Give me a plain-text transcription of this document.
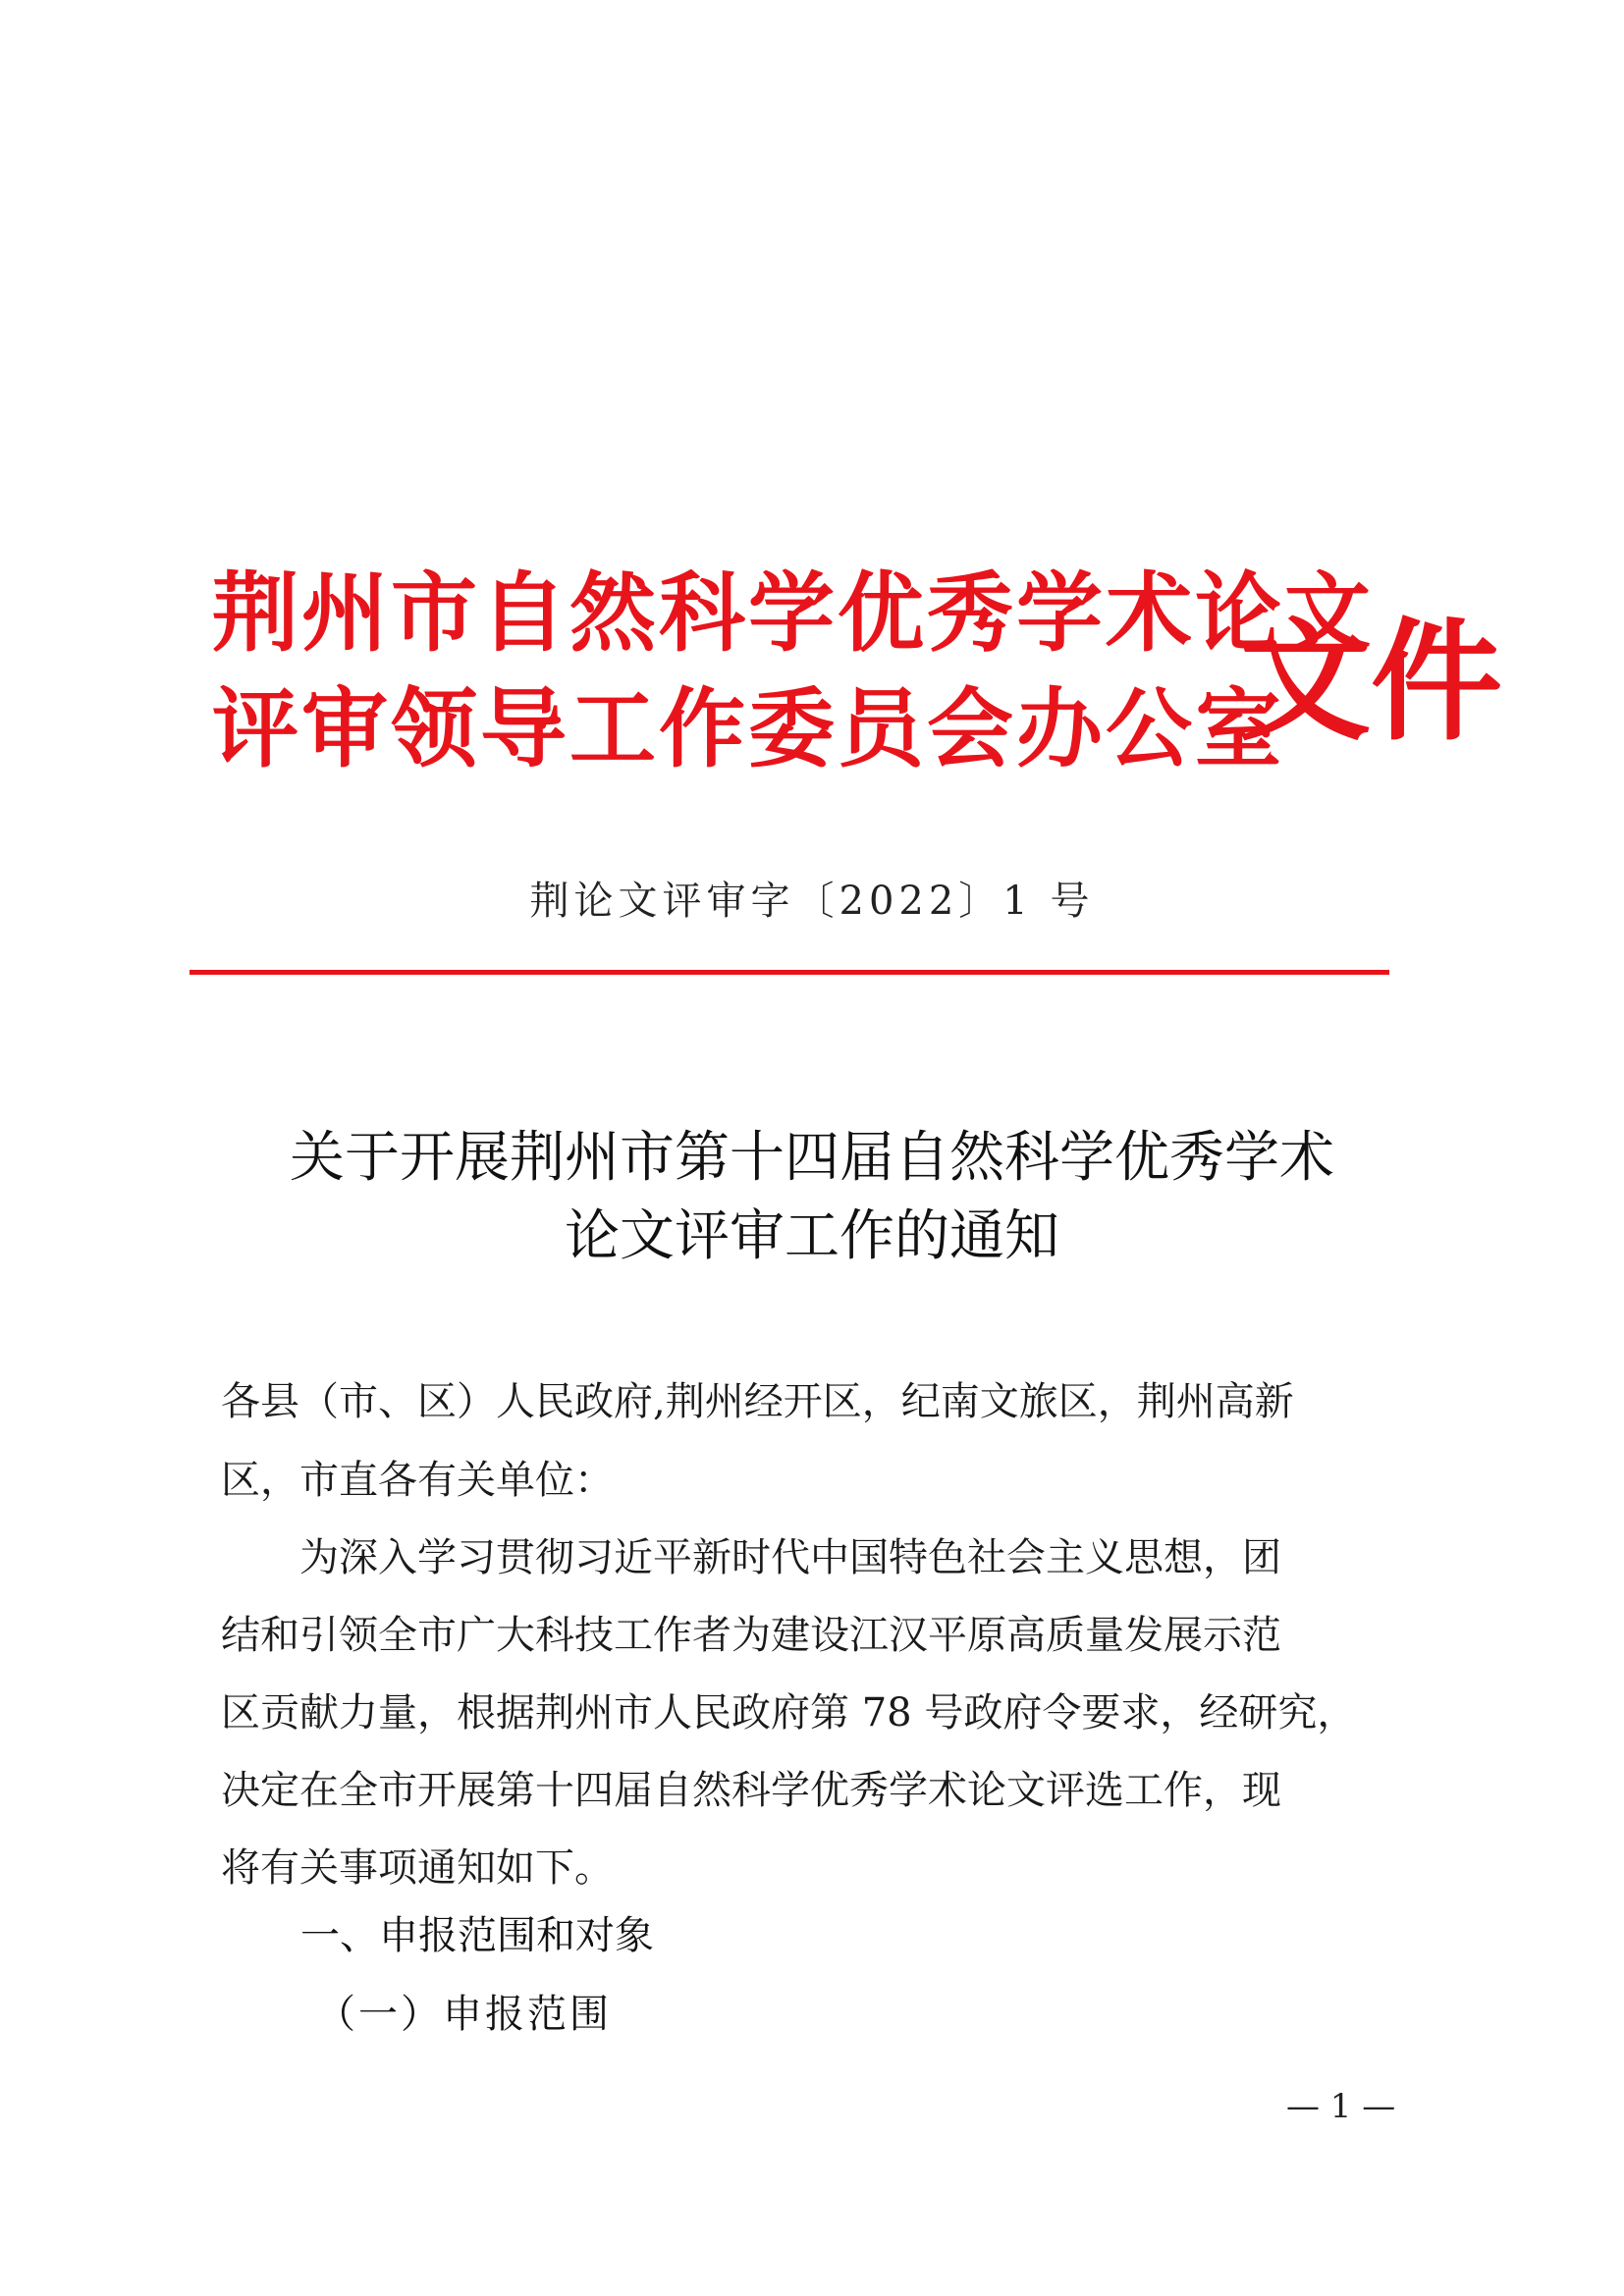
荆州市自然科学优秀学术论文
评审领导工作委员会办公室
文件
荆论文评审字〔2022〕1 号
关于开展荆州市第十四届自然科学优秀学术
论文评审工作的通知
各县（市、区）人民政府,荆州经开区，纪南文旅区，荆州高新
区，市直各有关单位：
　　为深入学习贯彻习近平新时代中国特色社会主义思想，团
结和引领全市广大科技工作者为建设江汉平原高质量发展示范
区贡献力量，根据荆州市人民政府第 78 号政府令要求，经研究，
决定在全市开展第十四届自然科学优秀学术论文评选工作，现
将有关事项通知如下。
一、申报范围和对象
（一）申报范围
— 1 —
